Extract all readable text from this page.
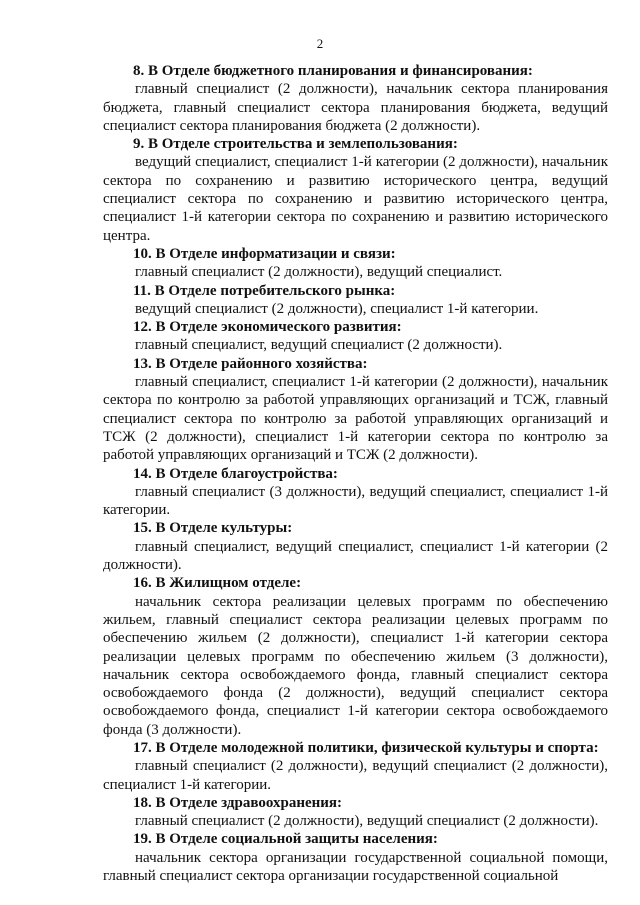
2

8. В Отделе бюджетного планирования и финансирования:

главный специалист (2 должности), начальник сектора планирования бюджета, главный специалист сектора планирования бюджета, ведущий специалист сектора планирования бюджета (2 должности).

9. В Отделе строительства и землепользования:

ведущий специалист, специалист 1-й категории (2 должности), начальник сектора по сохранению и развитию исторического центра, ведущий специалист сектора по сохранению и развитию исторического центра, специалист 1-й категории сектора по сохранению и развитию исторического центра.

10. В Отделе информатизации и связи:

главный специалист (2 должности), ведущий специалист.

11. В Отделе потребительского рынка:

ведущий специалист (2 должности), специалист 1-й категории.

12. В Отделе экономического развития:

главный специалист, ведущий специалист (2 должности).

13. В Отделе районного хозяйства:

главный специалист, специалист 1-й категории (2 должности), начальник сектора по контролю за работой управляющих организаций и ТСЖ, главный специалист сектора по контролю за работой управляющих организаций и ТСЖ (2 должности), специалист 1-й категории сектора по контролю за работой управляющих организаций и ТСЖ (2 должности).

14. В Отделе благоустройства:

главный специалист (3 должности), ведущий специалист, специалист 1-й категории.

15. В Отделе культуры:

главный специалист, ведущий специалист, специалист 1-й категории (2 должности).

16. В Жилищном отделе:

начальник сектора реализации целевых программ по обеспечению жильем, главный специалист сектора реализации целевых программ по обеспечению жильем (2 должности), специалист 1-й категории сектора реализации целевых программ по обеспечению жильем (3 должности), начальник сектора освобождаемого фонда, главный специалист сектора освобождаемого фонда (2 должности), ведущий специалист сектора освобождаемого фонда, специалист 1-й категории сектора освобождаемого фонда (3 должности).

17. В Отделе молодежной политики, физической культуры и спорта:

главный специалист (2 должности), ведущий специалист (2 должности), специалист 1-й категории.

18. В Отделе здравоохранения:

главный специалист (2 должности), ведущий специалист (2 должности).

19. В Отделе социальной защиты населения:

начальник сектора организации государственной социальной помощи, главный специалист сектора организации государственной социальной
